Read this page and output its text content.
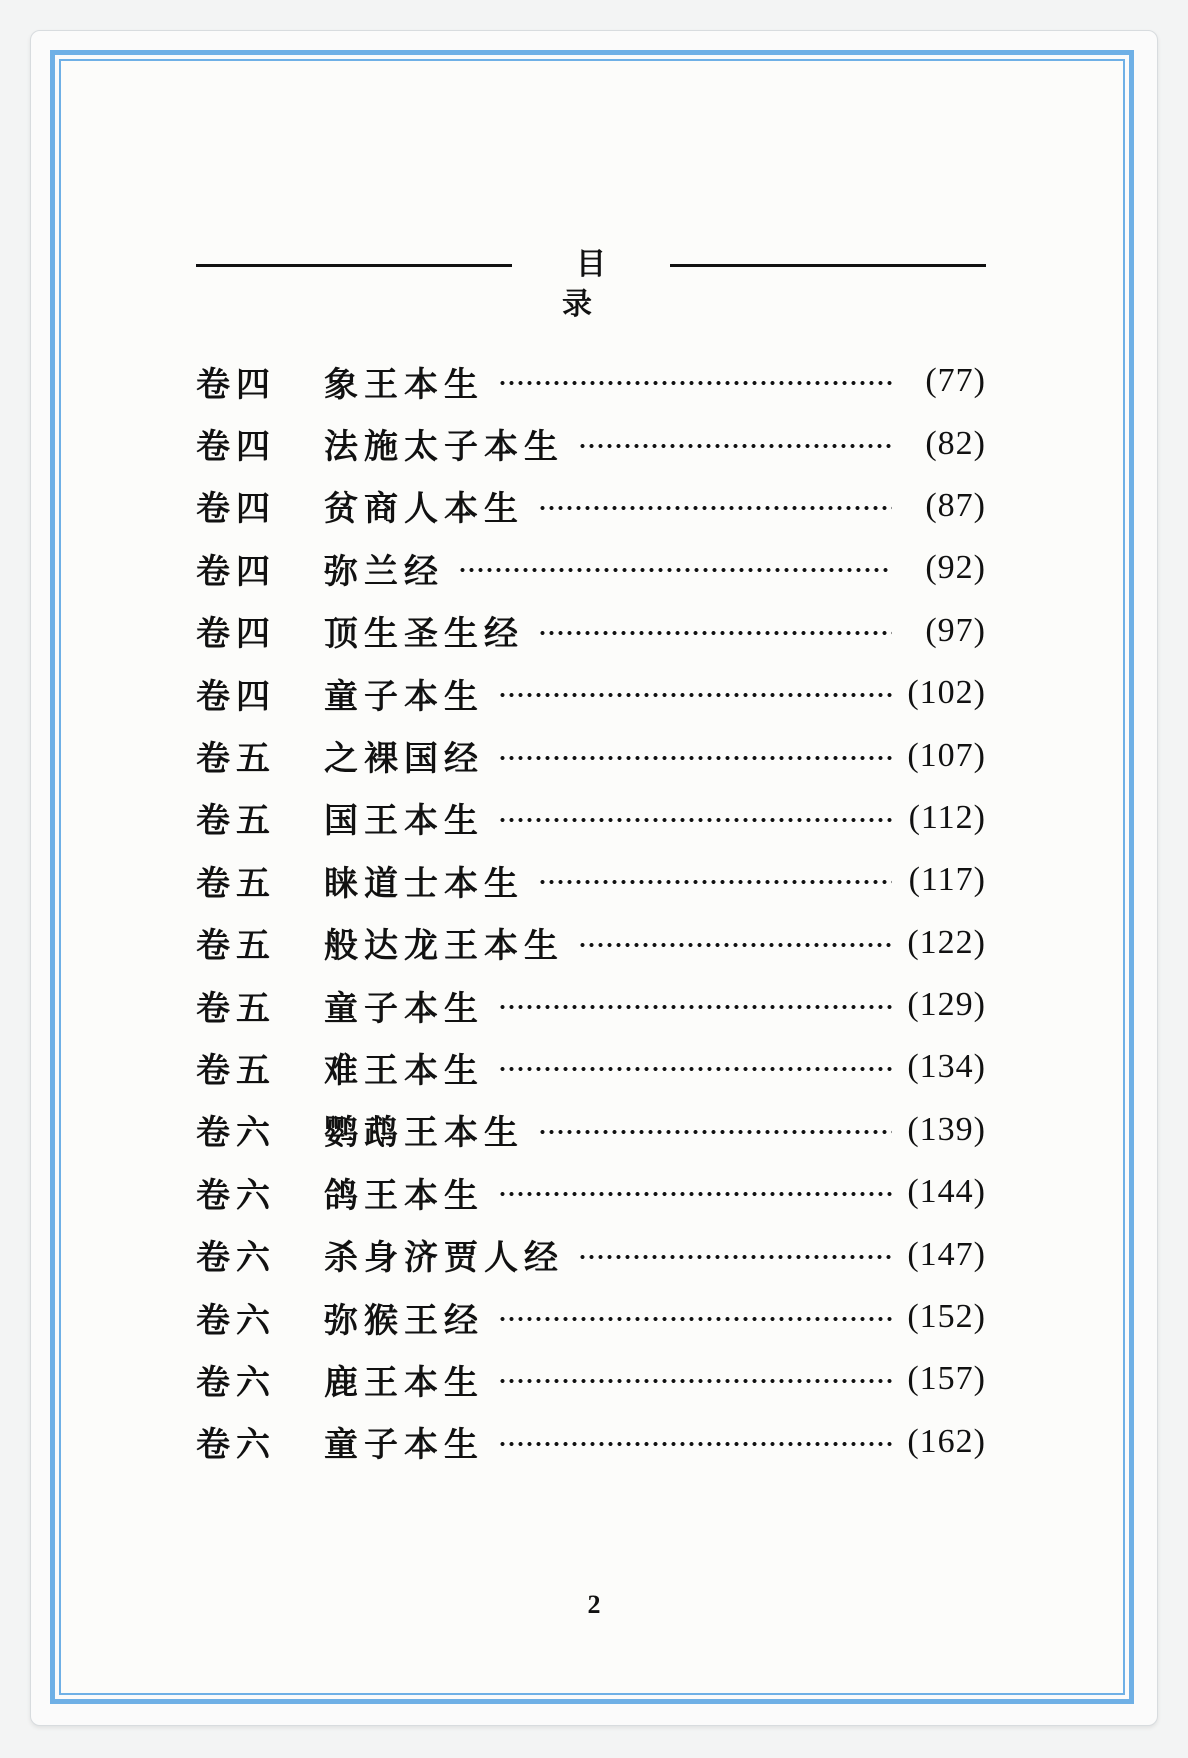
目 录
卷四	象王本生	(77)
卷四	法施太子本生	(82)
卷四	贫商人本生	(87)
卷四	弥兰经	(92)
卷四	顶生圣生经	(97)
卷四	童子本生	(102)
卷五	之裸国经	(107)
卷五	国王本生	(112)
卷五	睐道士本生	(117)
卷五	般达龙王本生	(122)
卷五	童子本生	(129)
卷五	难王本生	(134)
卷六	鹦鹉王本生	(139)
卷六	鸽王本生	(144)
卷六	杀身济贾人经	(147)
卷六	弥猴王经	(152)
卷六	鹿王本生	(157)
卷六	童子本生	(162)
2
